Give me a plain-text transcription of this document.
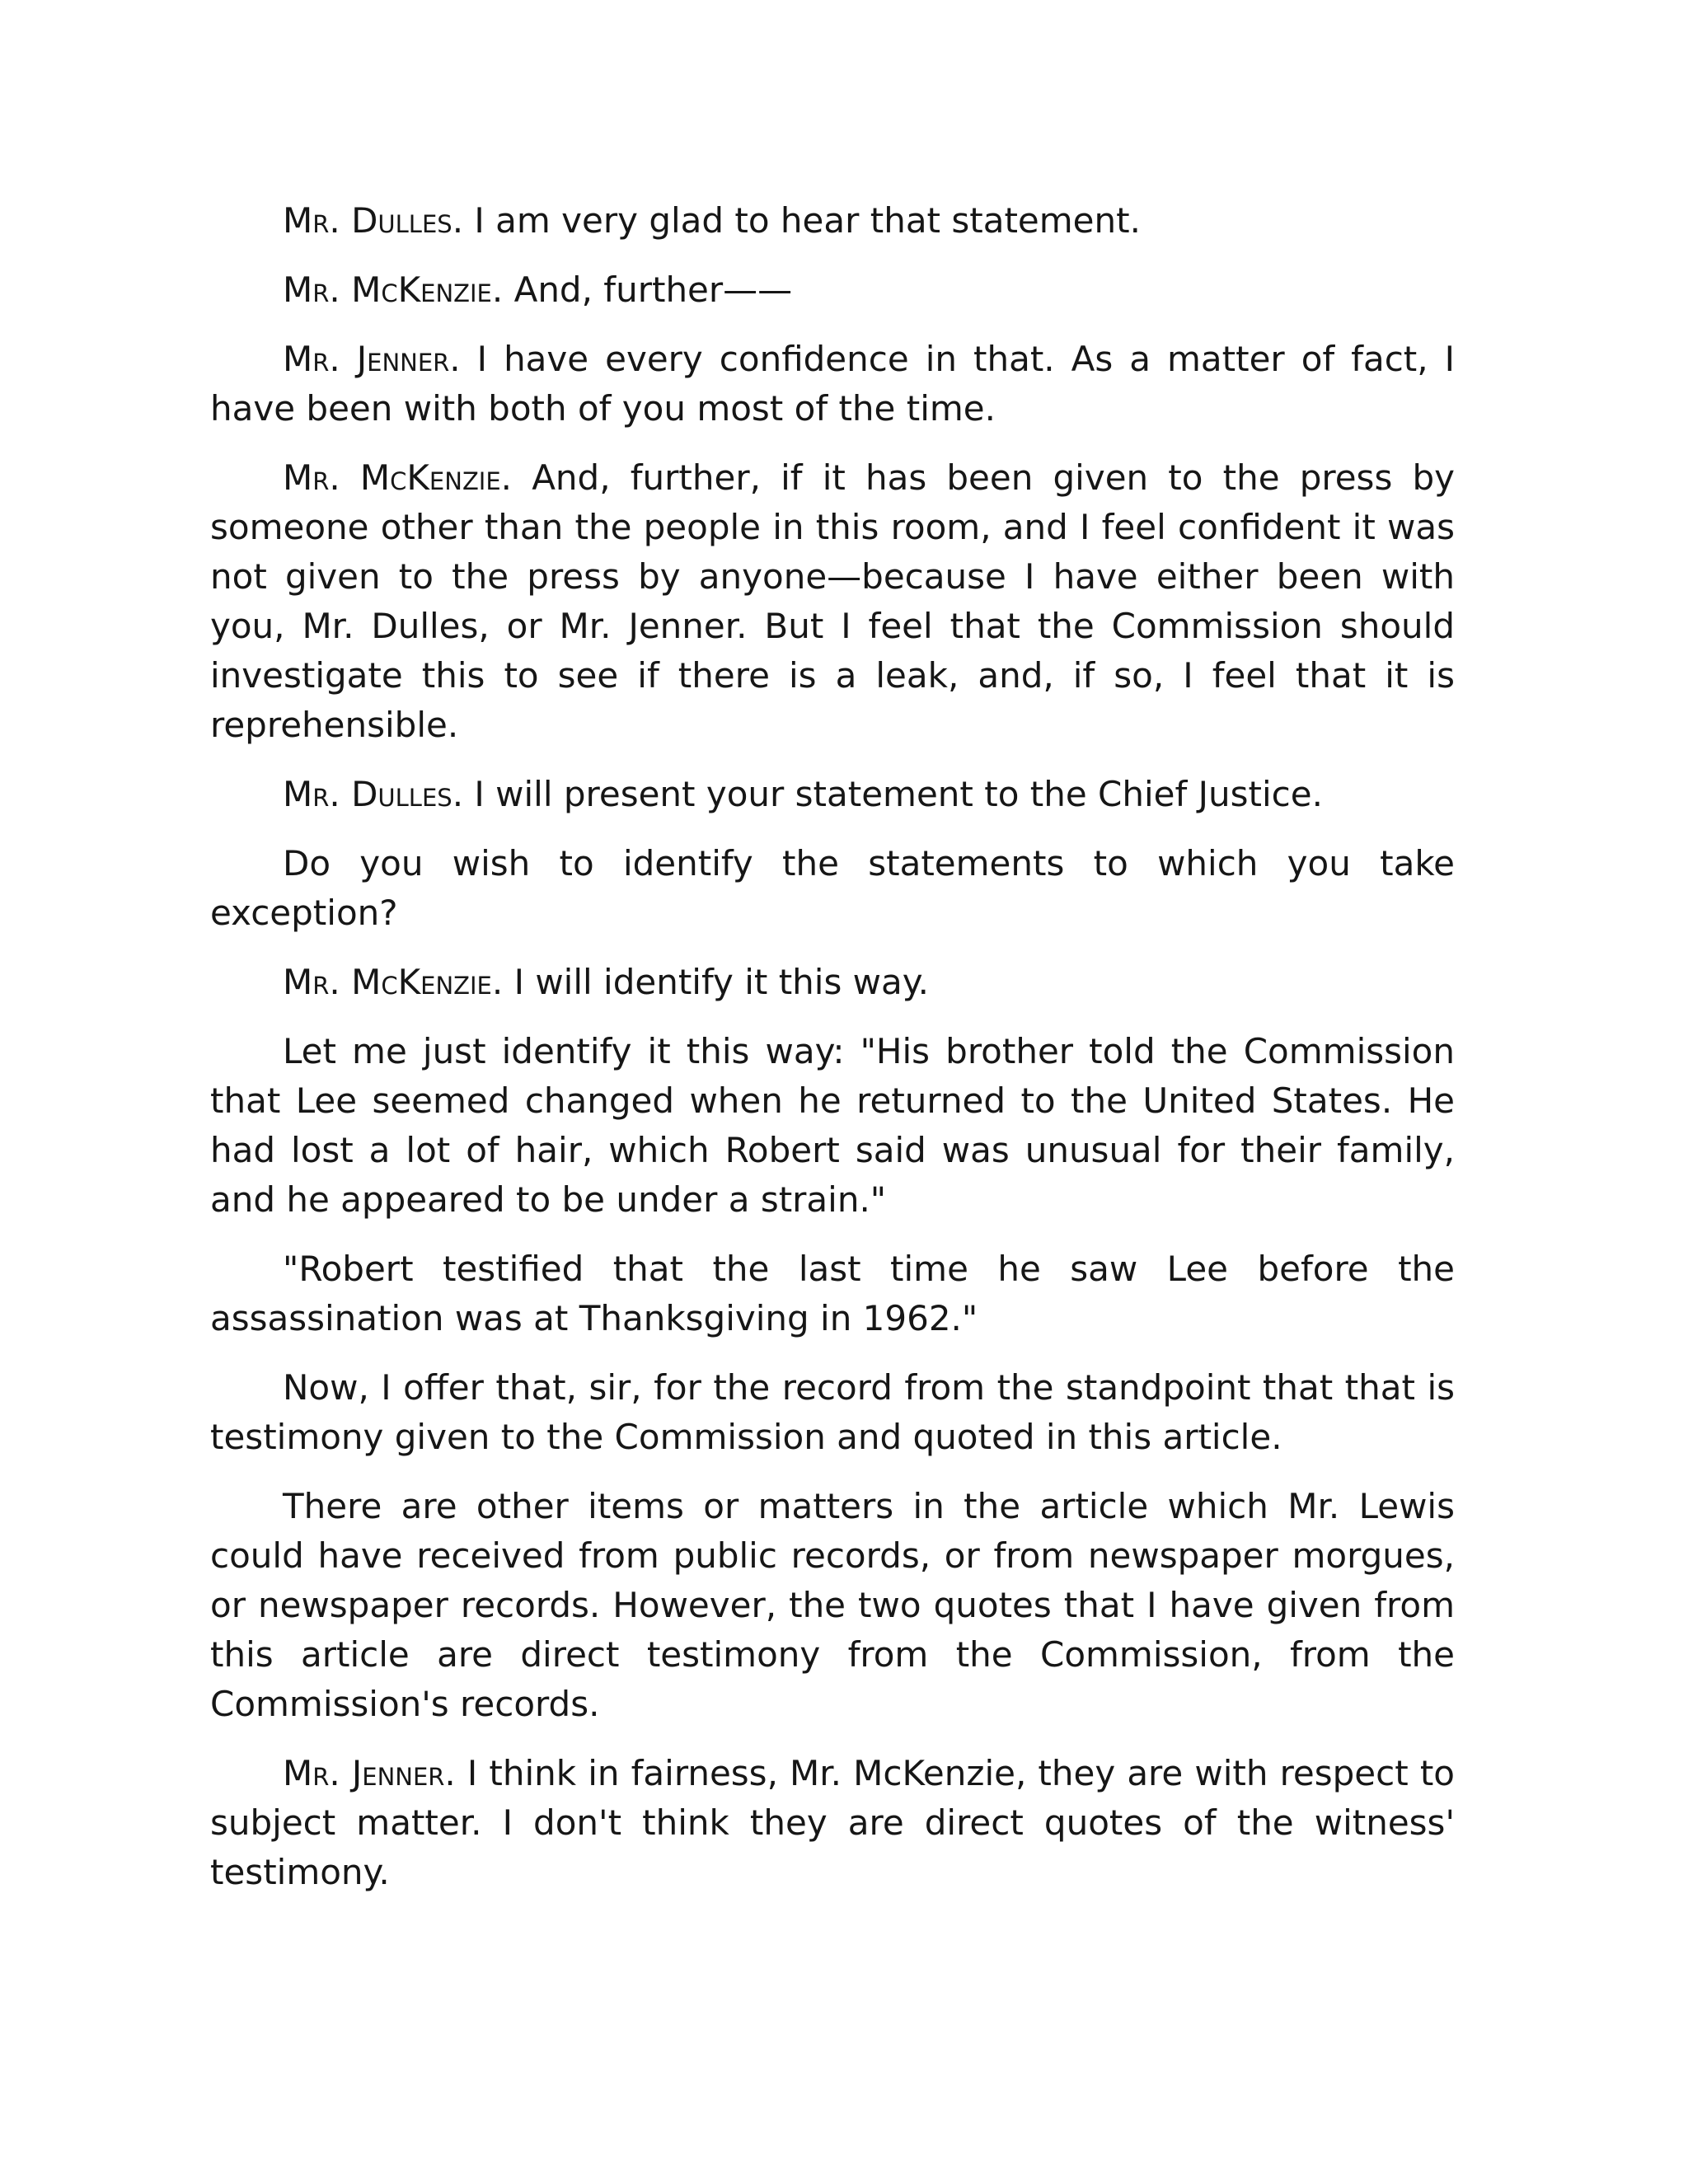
Mr. Dulles. I am very glad to hear that statement.

Mr. McKenzie. And, further——

Mr. Jenner. I have every confidence in that. As a matter of fact, I have been with both of you most of the time.

Mr. McKenzie. And, further, if it has been given to the press by someone other than the people in this room, and I feel confident it was not given to the press by anyone—because I have either been with you, Mr. Dulles, or Mr. Jenner. But I feel that the Commission should investigate this to see if there is a leak, and, if so, I feel that it is reprehensible.

Mr. Dulles. I will present your statement to the Chief Justice.

Do you wish to identify the statements to which you take exception?

Mr. McKenzie. I will identify it this way.

Let me just identify it this way: "His brother told the Commission that Lee seemed changed when he returned to the United States. He had lost a lot of hair, which Robert said was unusual for their family, and he appeared to be under a strain."

"Robert testified that the last time he saw Lee before the assassination was at Thanksgiving in 1962."

Now, I offer that, sir, for the record from the standpoint that that is testimony given to the Commission and quoted in this article.

There are other items or matters in the article which Mr. Lewis could have received from public records, or from newspaper morgues, or newspaper records. However, the two quotes that I have given from this article are direct testimony from the Commission, from the Commission's records.

Mr. Jenner. I think in fairness, Mr. McKenzie, they are with respect to subject matter. I don't think they are direct quotes of the witness' testimony.
